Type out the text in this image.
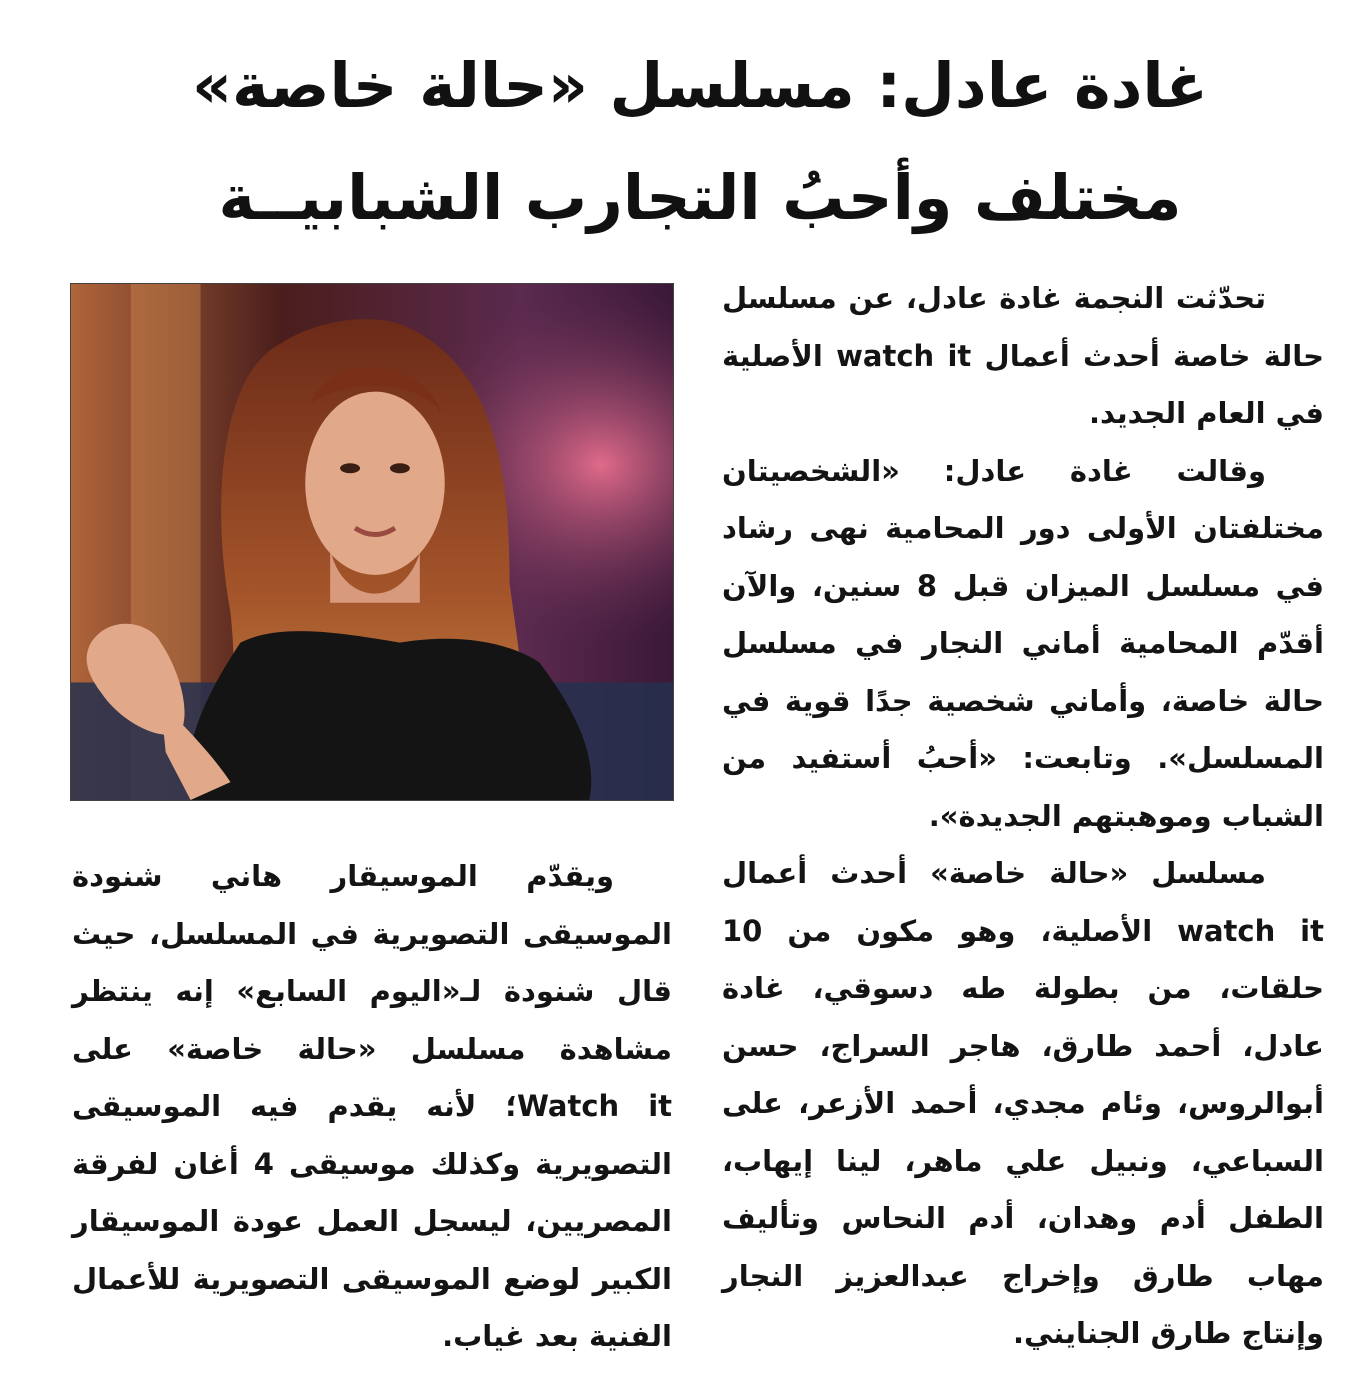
غادة عادل: مسلسل «حالة خاصة»
مختلف وأحبُ التجارب الشبابيــة

تحدّثت النجمة غادة عادل، عن مسلسل حالة خاصة أحدث أعمال watch it الأصلية في العام الجديد.

وقالت غادة عادل: «الشخصيتان مختلفتان الأولى دور المحامية نهى رشاد في مسلسل الميزان قبل 8 سنين، والآن أقدّم المحامية أماني النجار في مسلسل حالة خاصة، وأماني شخصية جدًا قوية في المسلسل». وتابعت: «أحبُ أستفيد من الشباب وموهبتهم الجديدة».

مسلسل «حالة خاصة» أحدث أعمال watch it الأصلية، وهو مكون من 10 حلقات، من بطولة طه دسوقي، غادة عادل، أحمد طارق، هاجر السراج، حسن أبوالروس، وئام مجدي، أحمد الأزعر، على السباعي، ونبيل علي ماهر، لينا إيهاب، الطفل أدم وهدان، أدم النحاس وتأليف مهاب طارق وإخراج عبدالعزيز النجار وإنتاج طارق الجنايني.

ويقدّم الموسيقار هاني شنودة الموسيقى التصويرية في المسلسل، حيث قال شنودة لـ«اليوم السابع» إنه ينتظر مشاهدة مسلسل «حالة خاصة» على Watch it؛ لأنه يقدم فيه الموسيقى التصويرية وكذلك موسيقى 4 أغان لفرقة المصريين، ليسجل العمل عودة الموسيقار الكبير لوضع الموسيقى التصويرية للأعمال الفنية بعد غياب.
